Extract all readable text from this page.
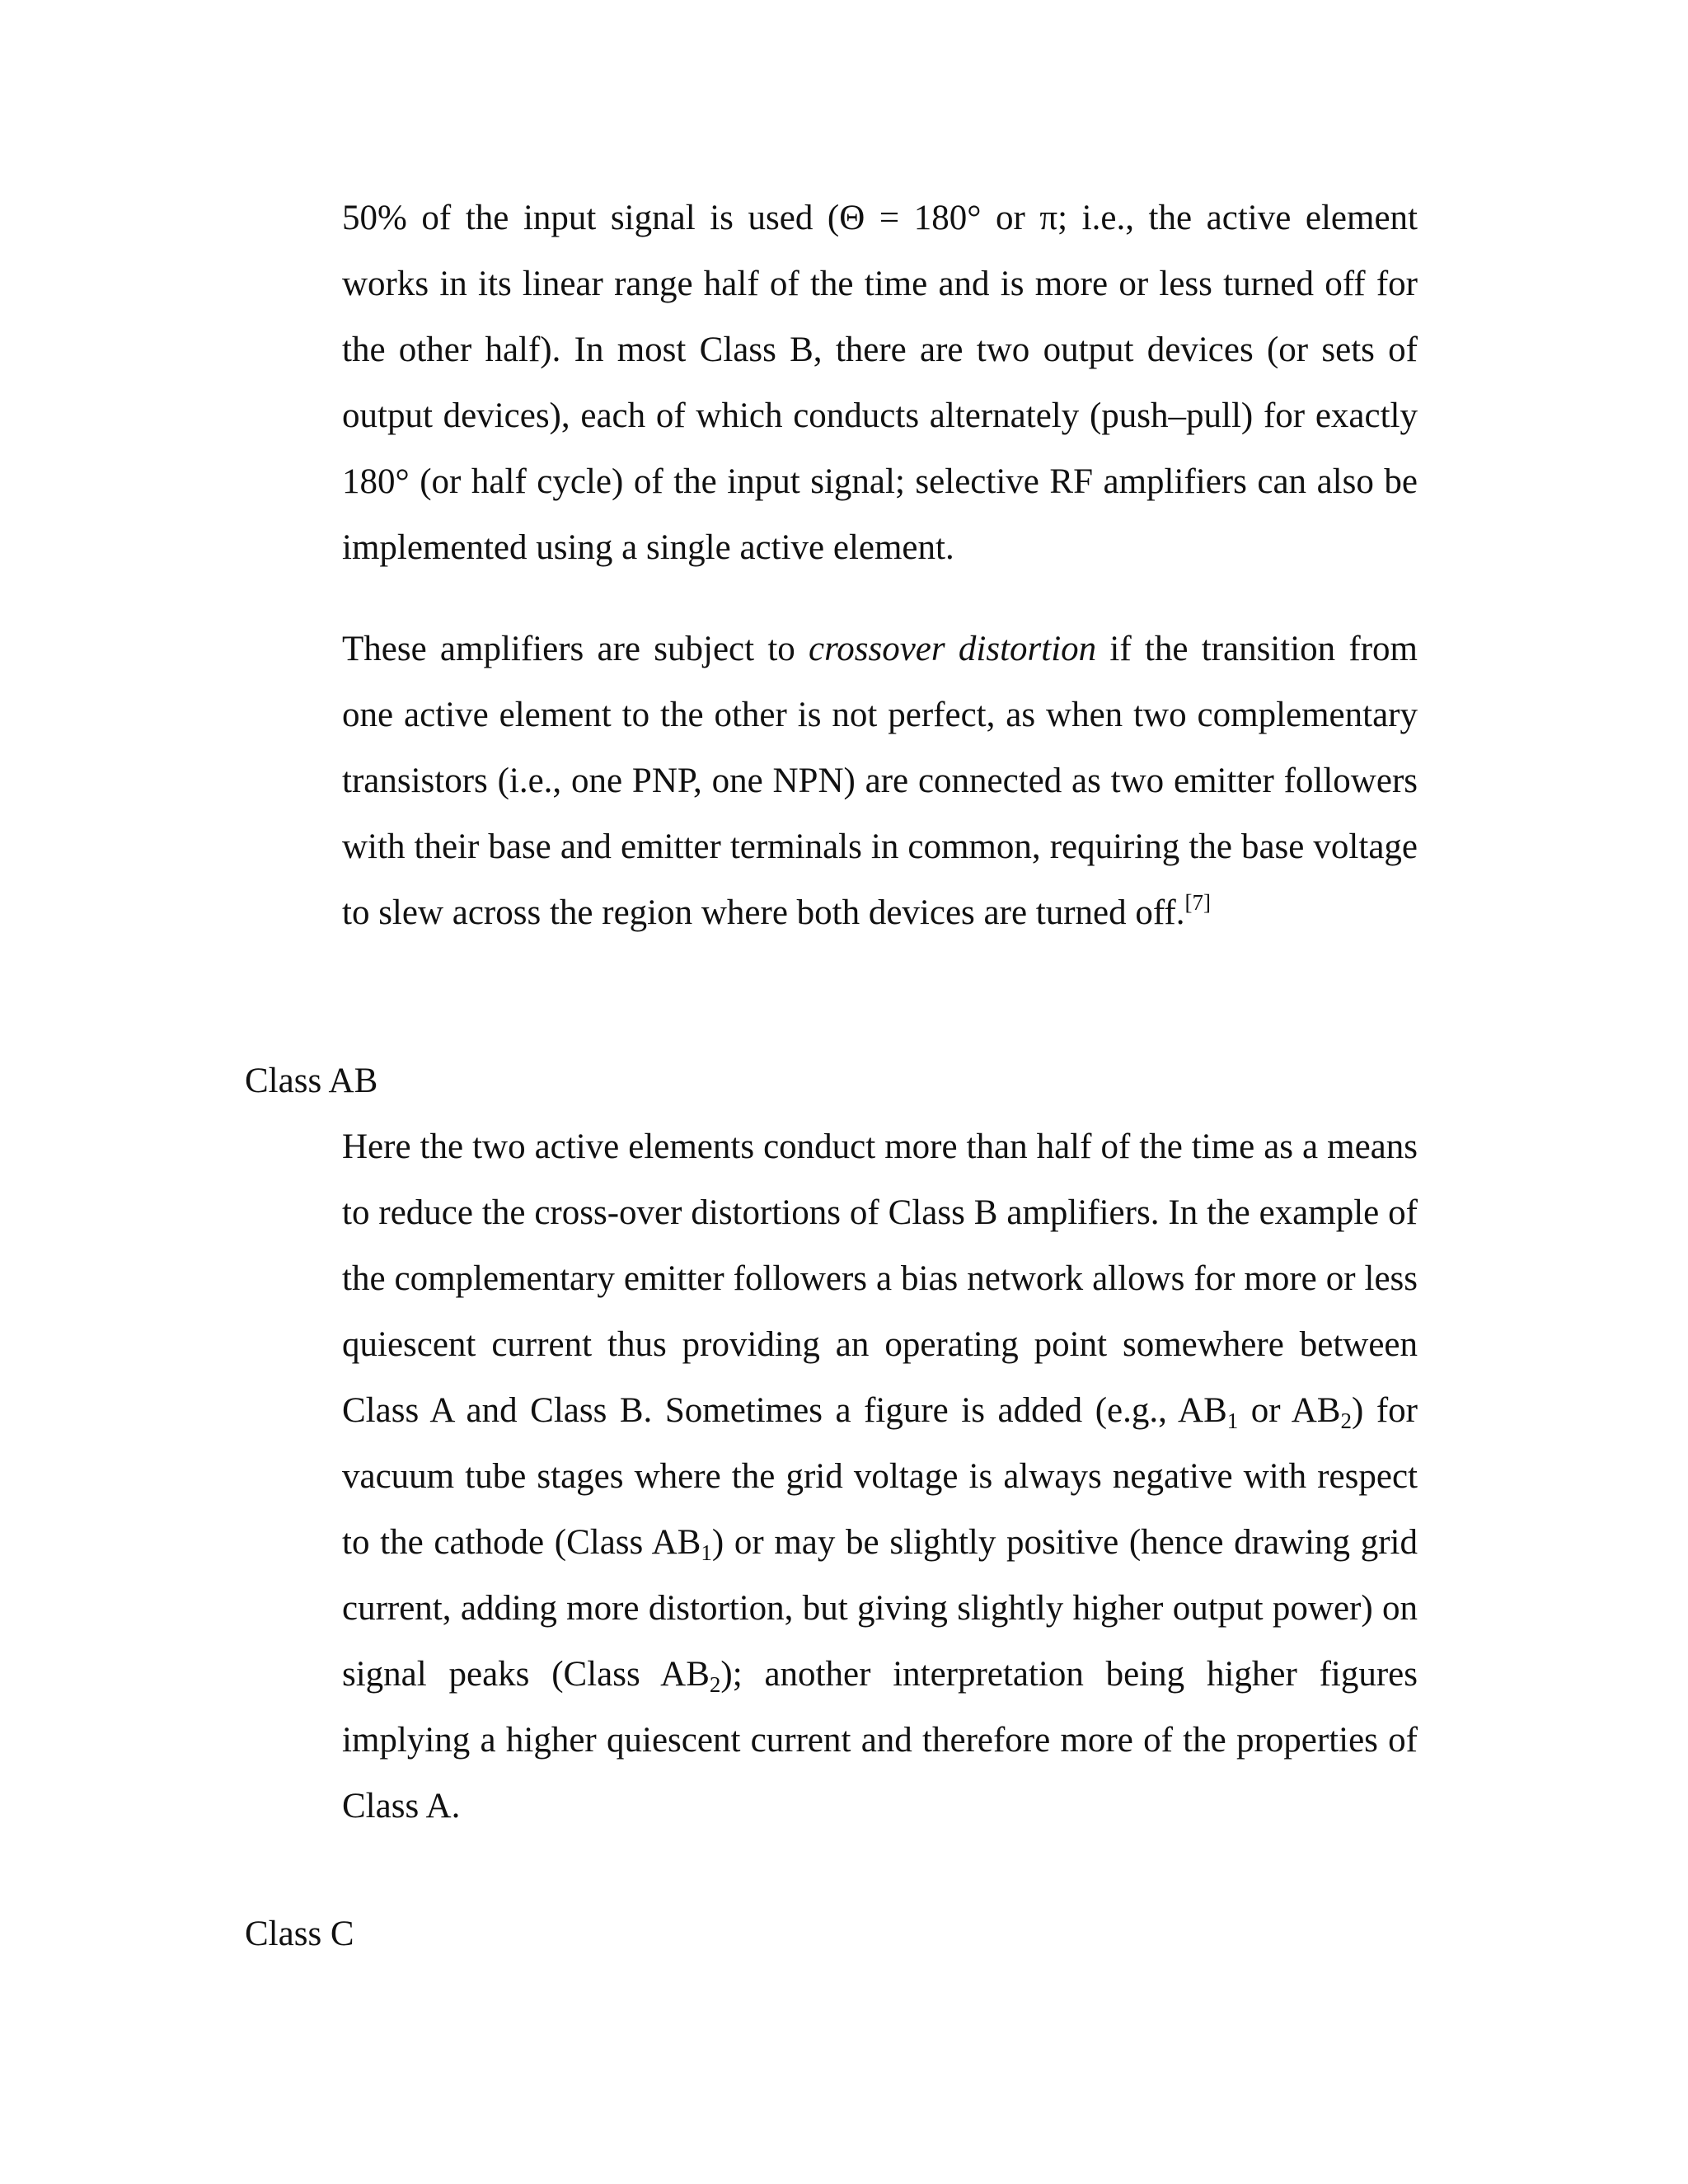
50% of the input signal is used (Θ = 180° or π; i.e., the active element works in its linear range half of the time and is more or less turned off for the other half). In most Class B, there are two output devices (or sets of output devices), each of which conducts alternately (push–pull) for exactly 180° (or half cycle) of the input signal; selective RF amplifiers can also be implemented using a single active element.

These amplifiers are subject to crossover distortion if the transition from one active element to the other is not perfect, as when two complementary transistors (i.e., one PNP, one NPN) are connected as two emitter followers with their base and emitter terminals in common, requiring the base voltage to slew across the region where both devices are turned off.[7]

Class AB

Here the two active elements conduct more than half of the time as a means to reduce the cross-over distortions of Class B amplifiers. In the example of the complementary emitter followers a bias network allows for more or less quiescent current thus providing an operating point somewhere between Class A and Class B. Sometimes a figure is added (e.g., $AB_1$ or $AB_2$) for vacuum tube stages where the grid voltage is always negative with respect to the cathode (Class $AB_1$) or may be slightly positive (hence drawing grid current, adding more distortion, but giving slightly higher output power) on signal peaks (Class $AB_2$); another interpretation being higher figures implying a higher quiescent current and therefore more of the properties of Class A.

Class C
